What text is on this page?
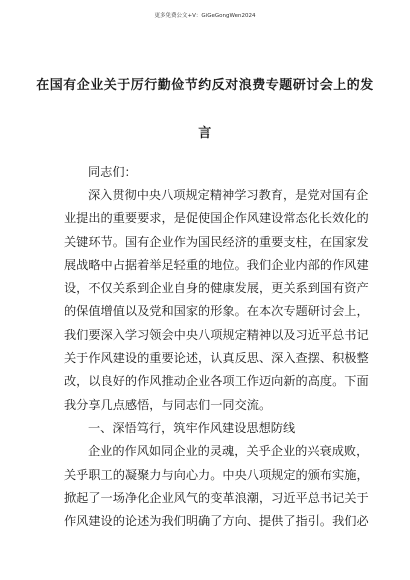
更多免费公文+V：GiGeGongWen2024
在国有企业关于厉行勤俭节约反对浪费专题研讨会上的发
言
同志们：
深入贯彻中央八项规定精神学习教育，是党对国有企
业提出的重要要求，是促使国企作风建设常态化长效化的
关键环节。国有企业作为国民经济的重要支柱，在国家发
展战略中占据着举足轻重的地位。我们企业内部的作风建
设，不仅关系到企业自身的健康发展，更关系到国有资产
的保值增值以及党和国家的形象。在本次专题研讨会上，
我们要深入学习领会中央八项规定精神以及习近平总书记
关于作风建设的重要论述，认真反思、深入查摆、积极整
改，以良好的作风推动企业各项工作迈向新的高度。下面
我分享几点感悟，与同志们一同交流。
一、深悟笃行，筑牢作风建设思想防线
企业的作风如同企业的灵魂，关乎企业的兴衰成败，
关乎职工的凝聚力与向心力。中央八项规定的颁布实施，
掀起了一场净化企业风气的变革浪潮，习近平总书记关于
作风建设的论述为我们明确了方向、提供了指引。我们必
